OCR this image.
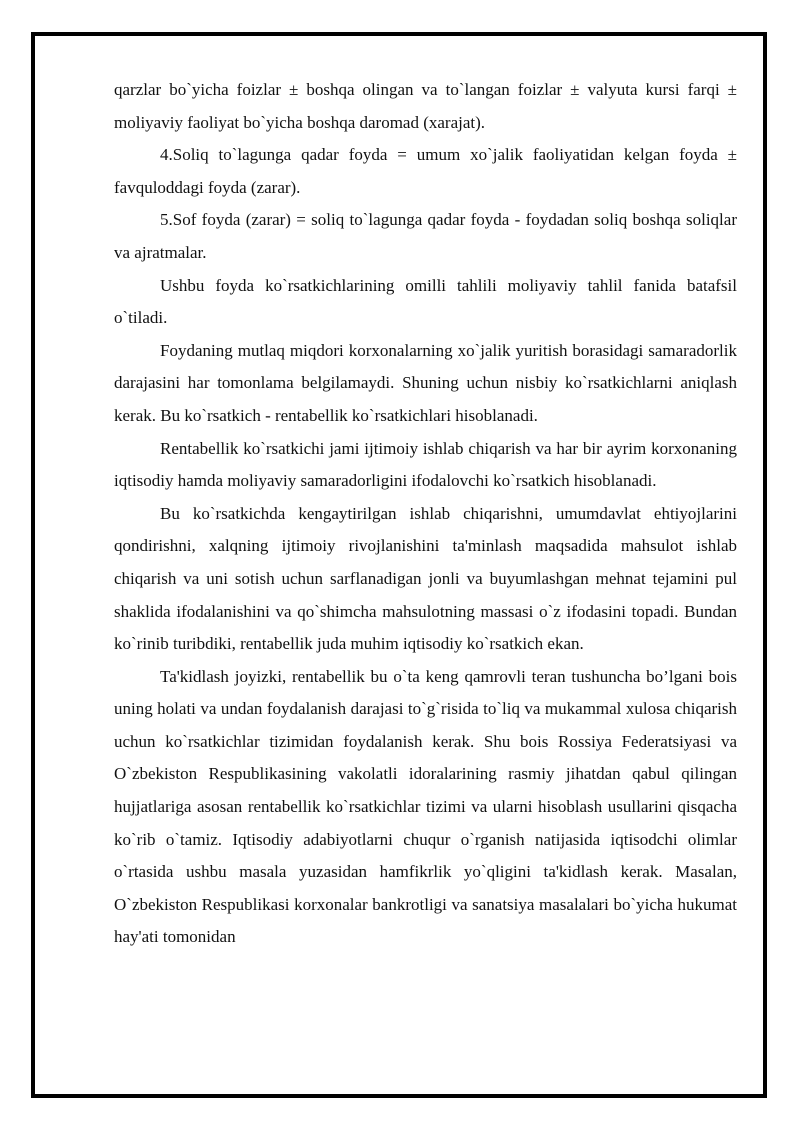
qarzlar bo`yicha foizlar ± boshqa olingan va to`langan foizlar ± valyuta kursi farqi ± moliyaviy faoliyat bo`yicha boshqa daromad (xarajat).

4.Soliq to`lagunga qadar foyda = umum xo`jalik faoliyatidan kelgan foyda ± favquloddagi foyda (zarar).

5.Sof foyda (zarar) = soliq to`lagunga qadar foyda - foydadan soliq boshqa soliqlar va ajratmalar.

Ushbu foyda ko`rsatkichlarining omilli tahlili moliyaviy tahlil fanida batafsil o`tiladi.

Foydaning mutlaq miqdori korxonalarning xo`jalik yuritish borasidagi samaradorlik darajasini har tomonlama belgilamaydi. Shuning uchun nisbiy ko`rsatkichlarni aniqlash kerak. Bu ko`rsatkich - rentabellik ko`rsatkichlari hisoblanadi.

Rentabellik ko`rsatkichi jami ijtimoiy ishlab chiqarish va har bir ayrim korxonaning iqtisodiy hamda moliyaviy samaradorligini ifodalovchi ko`rsatkich hisoblanadi.

Bu ko`rsatkichda kengaytirilgan ishlab chiqarishni, umumdavlat ehtiyojlarini qondirishni, xalqning ijtimoiy rivojlanishini ta'minlash maqsadida mahsulot ishlab chiqarish va uni sotish uchun sarflanadigan jonli va buyumlashgan mehnat tejamini pul shaklida ifodalanishini va qo`shimcha mahsulotning massasi o`z ifodasini topadi. Bundan ko`rinib turibdiki, rentabellik juda muhim iqtisodiy ko`rsatkich ekan.

Ta'kidlash joyizki, rentabellik bu o`ta keng qamrovli teran tushuncha bo’lgani bois uning holati va undan foydalanish darajasi to`g`risida to`liq va mukammal xulosa chiqarish uchun ko`rsatkichlar tizimidan foydalanish kerak. Shu bois Rossiya Federatsiyasi va O`zbekiston Respublikasining vakolatli idoralarining rasmiy jihatdan qabul qilingan hujjatlariga asosan rentabellik ko`rsatkichlar tizimi va ularni hisoblash usullarini qisqacha ko`rib o`tamiz. Iqtisodiy adabiyotlarni chuqur o`rganish natijasida iqtisodchi olimlar o`rtasida ushbu masala yuzasidan hamfikrlik yo`qligini ta'kidlash kerak. Masalan, O`zbekiston Respublikasi korxonalar bankrotligi va sanatsiya masalalari bo`yicha hukumat hay'ati tomonidan
